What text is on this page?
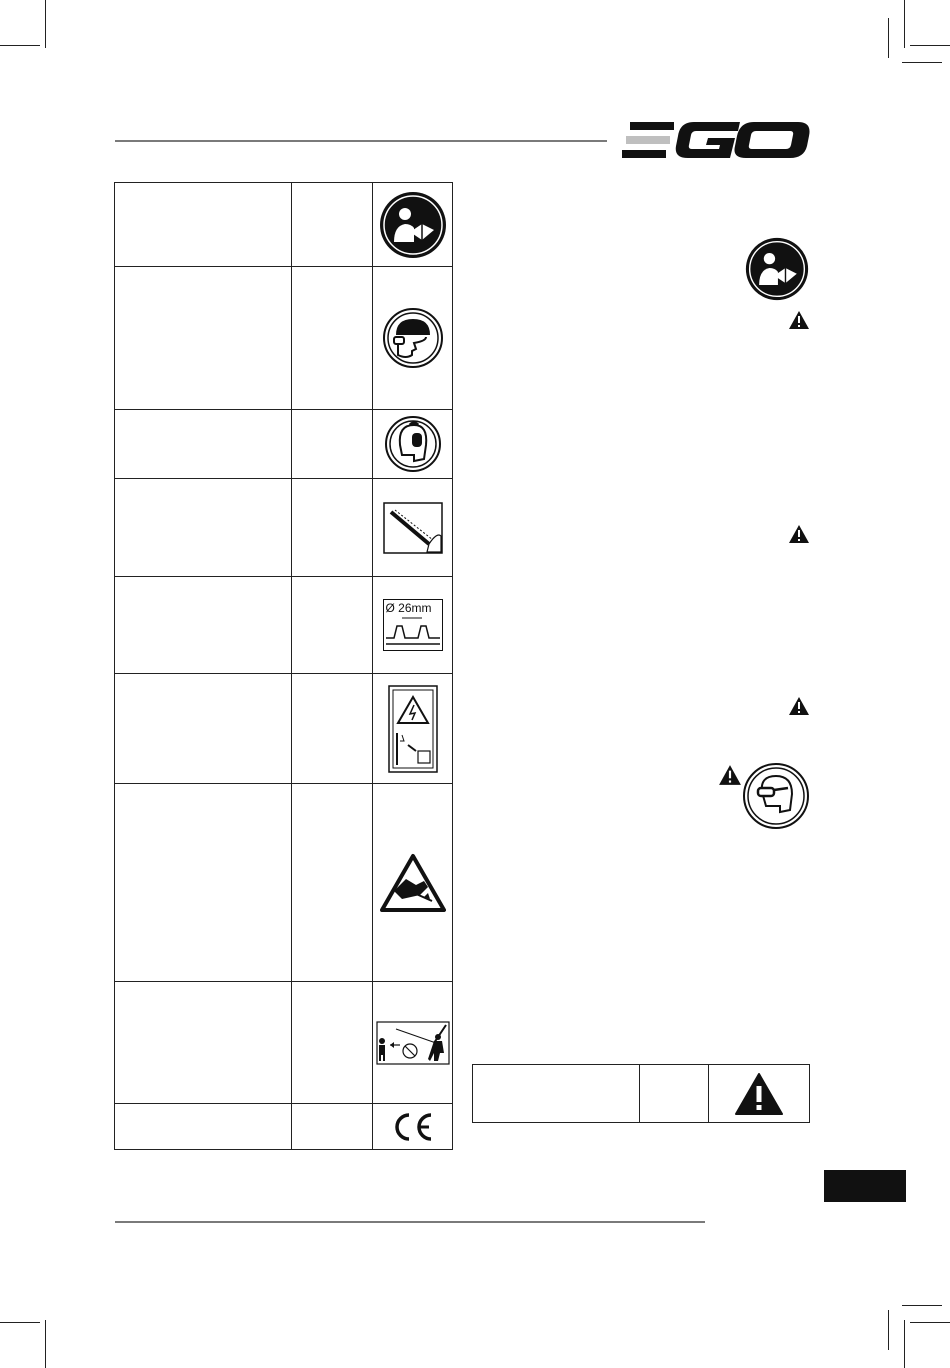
		Ø 26mm
